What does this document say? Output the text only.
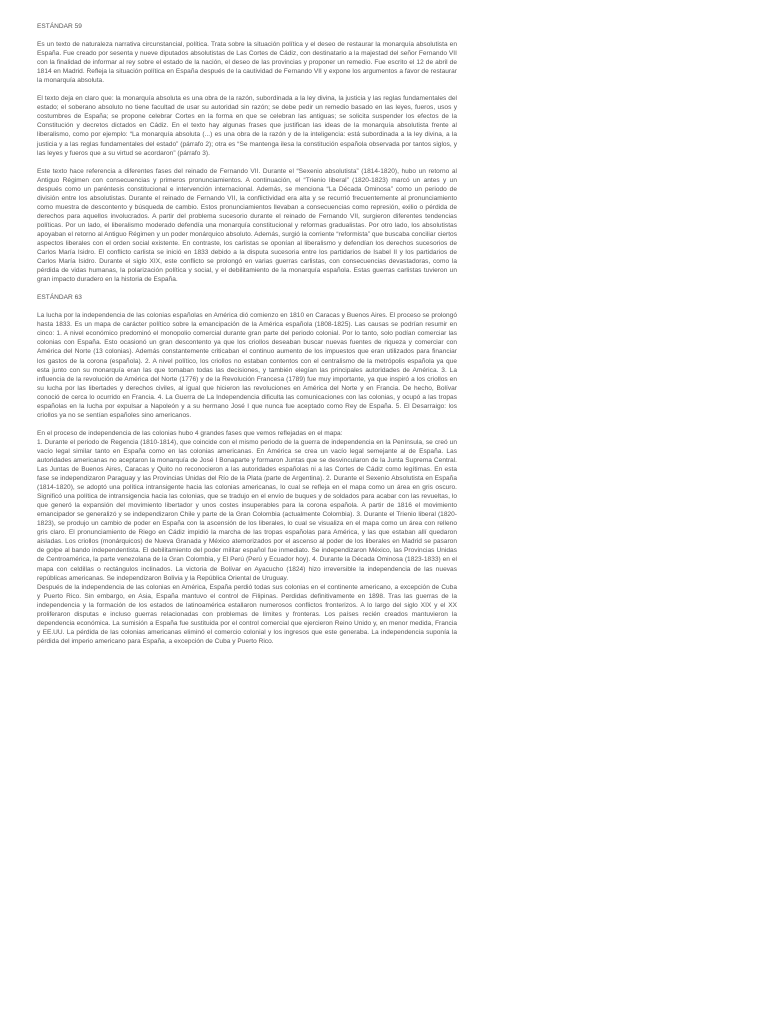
ESTÁNDAR 59

Es un texto de naturaleza narrativa circunstancial, política. Trata sobre la situación política y el deseo de restaurar la monarquía absolutista en España. Fue creado por sesenta y nueve diputados absolutistas de Las Cortes de Cádiz, con destinatario a la majestad del señor Fernando VII con la finalidad de informar al rey sobre el estado de la nación, el deseo de las provincias y proponer un remedio. Fue escrito el 12 de abril de 1814 en Madrid. Refleja la situación política en España después de la cautividad de Fernando VII y expone los argumentos a favor de restaurar la monarquía absoluta.

El texto deja en claro que: la monarquía absoluta es una obra de la razón, subordinada a la ley divina, la justicia y las reglas fundamentales del estado; el soberano absoluto no tiene facultad de usar su autoridad sin razón; se debe pedir un remedio basado en las leyes, fueros, usos y costumbres de España; se propone celebrar Cortes en la forma en que se celebran las antiguas; se solicita suspender los efectos de la Constitución y decretos dictados en Cádiz. En el texto hay algunas frases que justifican las ideas de la monarquía absolutista frente al liberalismo, como por ejemplo: “La monarquía absoluta (...) es una obra de la razón y de la inteligencia: está subordinada a la ley divina, a la justicia y a las reglas fundamentales del estado” (párrafo 2); otra es “Se mantenga ilesa la constitución española observada por tantos siglos, y las leyes y fueros que a su virtud se acordaron” (párrafo 3).

Este texto hace referencia a diferentes fases del reinado de Fernando VII. Durante el “Sexenio absolutista” (1814-1820), hubo un retorno al Antiguo Régimen con consecuencias y primeros pronunciamientos. A continuación, el “Trienio liberal” (1820-1823) marcó un antes y un después como un paréntesis constitucional e intervención internacional. Además, se menciona “La Década Ominosa” como un periodo de división entre los absolutistas. Durante el reinado de Fernando VII, la conflictividad era alta y se recurrió frecuentemente al pronunciamiento como muestra de descontento y búsqueda de cambio. Estos pronunciamientos llevaban a consecuencias como represión, exilio o pérdida de derechos para aquellos involucrados. A partir del problema sucesorio durante el reinado de Fernando VII, surgieron diferentes tendencias políticas. Por un lado, el liberalismo moderado defendía una monarquía constitucional y reformas gradualistas. Por otro lado, los absolutistas apoyaban el retorno al Antiguo Régimen y un poder monárquico absoluto. Además, surgió la corriente “reformista” que buscaba conciliar ciertos aspectos liberales con el orden social existente. En contraste, los carlistas se oponían al liberalismo y defendían los derechos sucesorios de Carlos María Isidro. El conflicto carlista se inició en 1833 debido a la disputa sucesoria entre los partidarios de Isabel II y los partidarios de Carlos María Isidro. Durante el siglo XIX, este conflicto se prolongó en varias guerras carlistas, con consecuencias devastadoras, como la pérdida de vidas humanas, la polarización política y social, y el debilitamiento de la monarquía española. Estas guerras carlistas tuvieron un gran impacto duradero en la historia de España.

ESTÁNDAR 63

La lucha por la independencia de las colonias españolas en América dió comienzo en 1810 en Caracas y Buenos Aires. El proceso se prolongó hasta 1833. Es un mapa de carácter político sobre la emancipación de la América española (1808-1825). Las causas se podrían resumir en cinco: 1. A nivel económico predominó el monopolio comercial durante gran parte del periodo colonial. Por lo tanto, solo podían comerciar las colonias con España. Esto ocasionó un gran descontento ya que los criollos deseaban buscar nuevas fuentes de riqueza y comerciar con América del Norte (13 colonias). Además constantemente criticaban el continuo aumento de los impuestos que eran utilizados para financiar los gastos de la corona (española). 2. A nivel político, los criollos no estaban contentos con el centralismo de la metrópolis española ya que esta junto con su monarquía eran las que tomaban todas las decisiones, y también elegían las principales autoridades de América. 3. La influencia de la revolución de América del Norte (1776) y de la Revolución Francesa (1789) fue muy importante, ya que inspiró a los criollos en su lucha por las libertades y derechos civiles, al igual que hicieron las revoluciones en América del Norte y en Francia. De hecho, Bolívar conoció de cerca lo ocurrido en Francia. 4. La Guerra de La Independencia dificulta las comunicaciones con las colonias, y ocupó a las tropas españolas en la lucha por expulsar a Napoleón y a su hermano José I que nunca fue aceptado como Rey de España. 5. El Desarraigo: los criollos ya no se sentían españoles sino americanos.

En el proceso de independencia de las colonias hubo 4 grandes fases que vemos reflejadas en el mapa:
1. Durante el periodo de Regencia (1810-1814), que coincide con el mismo periodo de la guerra de independencia en la Península, se creó un vacío legal similar tanto en España como en las colonias americanas. En América se crea un vacío legal semejante al de España. Las autoridades americanas no aceptaron la monarquía de José I Bonaparte y formaron Juntas que se desvincularon de la Junta Suprema Central. Las Juntas de Buenos Aires, Caracas y Quito no reconocieron a las autoridades españolas ni a las Cortes de Cádiz como legítimas. En esta fase se independizaron Paraguay y las Provincias Unidas del Río de la Plata (parte de Argentina). 2. Durante el Sexenio Absolutista en España (1814-1820), se adoptó una política intransigente hacia las colonias americanas, lo cual se refleja en el mapa como un área en gris oscuro. Significó una política de intransigencia hacia las colonias, que se tradujo en el envío de buques y de soldados para acabar con las revueltas, lo que generó la expansión del movimiento libertador y unos costes insuperables para la corona española. A partir de 1816 el movimiento emancipador se generalizó y se independizaron Chile y parte de la Gran Colombia (actualmente Colombia). 3. Durante el Trienio liberal (1820-1823), se produjo un cambio de poder en España con la ascensión de los liberales, lo cual se visualiza en el mapa como un área con relleno gris claro. El pronunciamiento de Riego en Cádiz impidió la marcha de las tropas españolas para América, y las que estaban allí quedaron aisladas. Los criollos (monárquicos) de Nueva Granada y México atemorizados por el ascenso al poder de los liberales en Madrid se pasaron de golpe al bando independentista. El debilitamiento del poder militar español fue inmediato. Se independizaron México, las Provincias Unidas de Centroamérica, la parte venezolana de la Gran Colombia, y El Perú (Perú y Ecuador hoy). 4. Durante la Década Ominosa (1823-1833) en el mapa con celdillas o rectángulos inclinados. La victoria de Bolívar en Ayacucho (1824) hizo irreversible la independencia de las nuevas repúblicas americanas. Se independizaron Bolivia y la República Oriental de Uruguay.
Después de la independencia de las colonias en América, España perdió todas sus colonias en el continente americano, a excepción de Cuba y Puerto Rico. Sin embargo, en Asia, España mantuvo el control de Filipinas. Perdidas definitivamente en 1898. Tras las guerras de la independencia y la formación de los estados de latinoamérica estallaron numerosos conflictos fronterizos. A lo largo del siglo XIX y el XX proliferaron disputas e incluso guerras relacionadas con problemas de límites y fronteras. Los países recién creados mantuvieron la dependencia económica. La sumisión a España fue sustituida por el control comercial que ejercieron Reino Unido y, en menor medida, Francia y EE.UU. La pérdida de las colonias americanas eliminó el comercio colonial y los ingresos que este generaba. La independencia suponía la pérdida del imperio americano para España, a excepción de Cuba y Puerto Rico.
